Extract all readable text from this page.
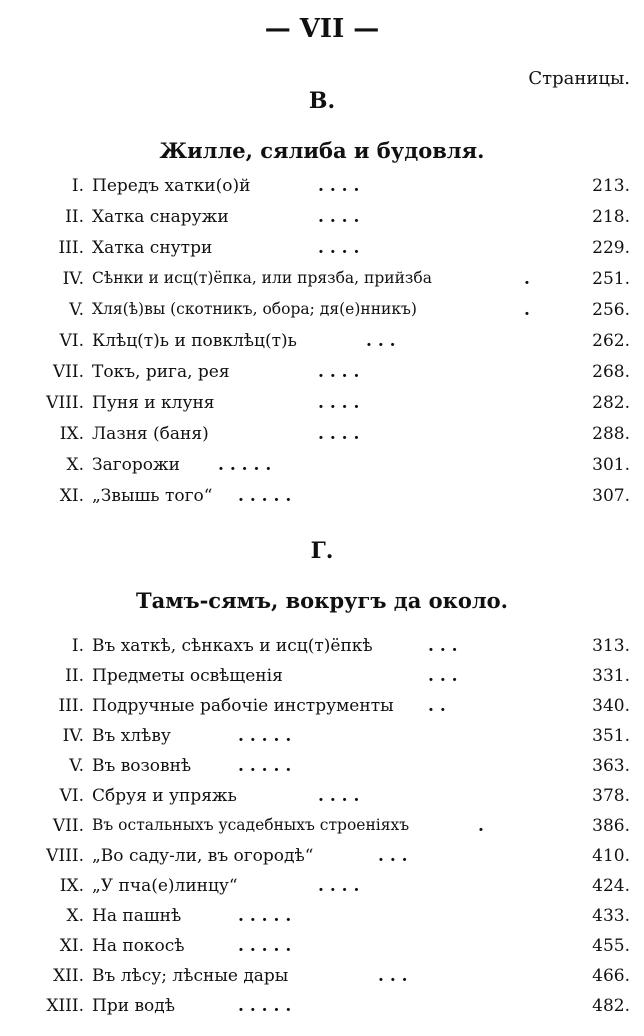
— VII —
Страницы.
В.
Жилле, сялиба и будовля.
I. Передъ хатки(о)й	. . . .	213.
II. Хатка снаружи	. . . .	218.
III. Хатка снутри	. . . .	229.
IV. Сѣнки и исц(т)ёпка, или прязба, прийзба	.	251.
V. Хля(ѣ)вы (скотникъ, обора; дя(е)нникъ)	.	256.
VI. Клѣц(т)ь и повклѣц(т)ь	. . .	262.
VII. Токъ, рига, рея	. . . .	268.
VIII. Пуня и клуня	. . . .	282.
IX. Лазня (баня)	. . . .	288.
X. Загорожи . . . . .	301.
XI. „Звышь того“ . . . . .	307.
Г.
Тамъ-сямъ, вокругъ да около.
I. Въ хаткѣ, сѣнкахъ и исц(т)ёпкѣ	. . .	313.
II. Предметы освѣщенія	. . .	331.
III. Подручные рабочіе инструменты . .	340.
IV. Въ хлѣву	. . . . .	351.
V. Въ возовнѣ	. . . . .	363.
VI. Сбруя и упряжь	. . . .	378.
VII. Въ остальныхъ усадебныхъ строеніяхъ	.	386.
VIII. „Во саду-ли, въ огородѣ“	. . .	410.
IX. „У пча(е)линцу“	. . . .	424.
X. На пашнѣ	. . . . .	433.
XI. На покосѣ	. . . . .	455.
XII. Въ лѣсу; лѣсные дары	. . .	466.
XIII. При водѣ	. . . . .	482.
